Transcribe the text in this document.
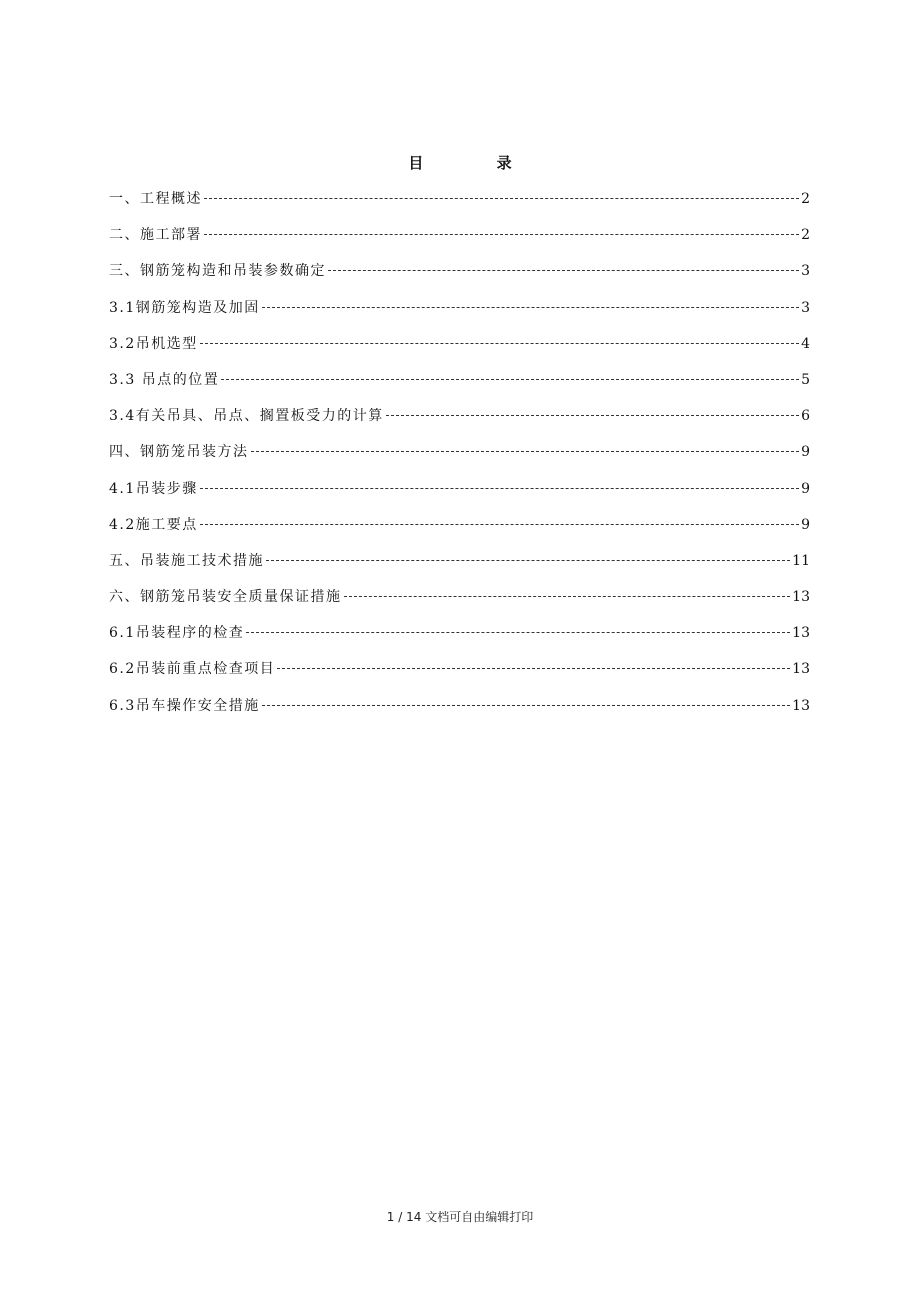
目 录
一、工程概述	2
二、施工部署	2
三、钢筋笼构造和吊装参数确定	3
3.1钢筋笼构造及加固	3
3.2吊机选型	4
3.3 吊点的位置	5
3.4有关吊具、吊点、搁置板受力的计算	6
四、钢筋笼吊装方法	9
4.1吊装步骤	9
4.2施工要点	9
五、吊装施工技术措施	11
六、钢筋笼吊装安全质量保证措施	13
6.1吊装程序的检查	13
6.2吊装前重点检查项目	13
6.3吊车操作安全措施	13
1 / 14 文档可自由编辑打印
